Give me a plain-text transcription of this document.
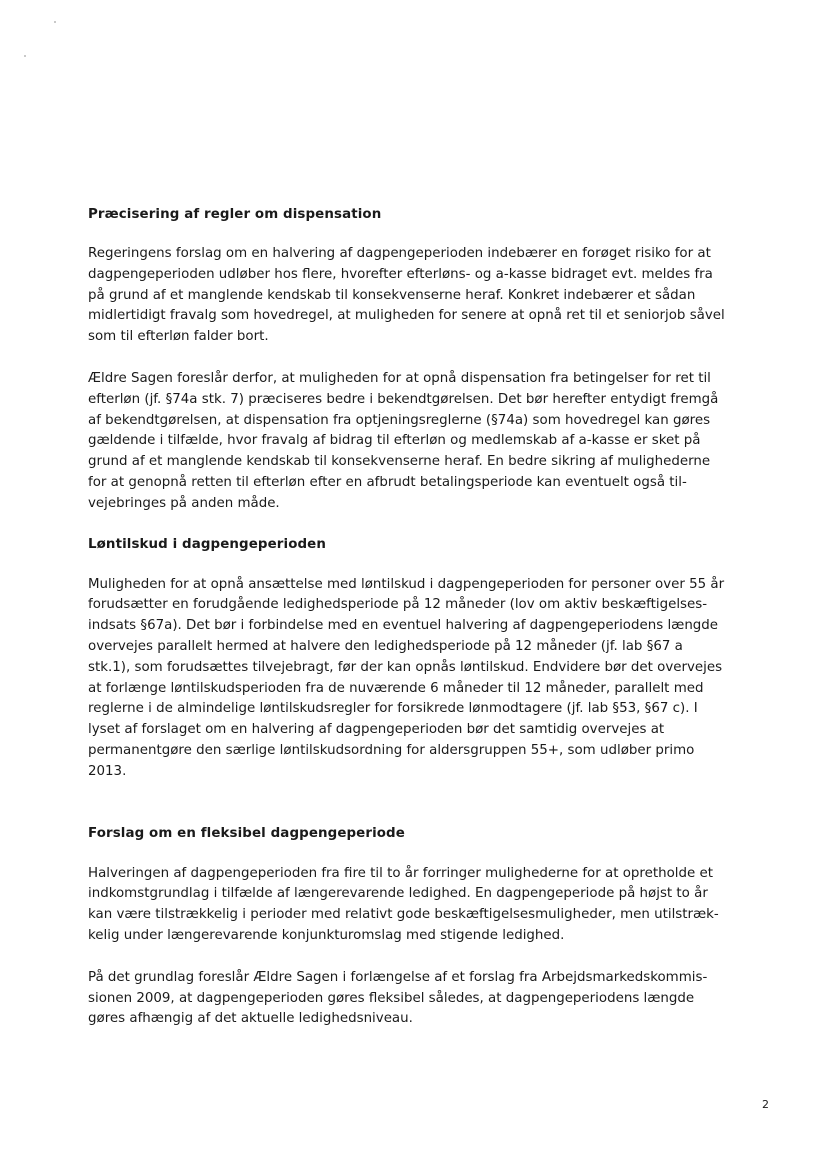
Præcisering af regler om dispensation

Regeringens forslag om en halvering af dagpengeperioden indebærer en forøget risiko for at
dagpengeperioden udløber hos flere, hvorefter efterløns- og a-kasse bidraget evt. meldes fra
på grund af et manglende kendskab til konsekvenserne heraf. Konkret indebærer et sådan
midlertidigt fravalg som hovedregel, at muligheden for senere at opnå ret til et seniorjob såvel
som til efterløn falder bort.

Ældre Sagen foreslår derfor, at muligheden for at opnå dispensation fra betingelser for ret til
efterløn (jf. §74a stk. 7) præciseres bedre i bekendtgørelsen. Det bør herefter entydigt fremgå
af bekendtgørelsen, at dispensation fra optjeningsreglerne (§74a) som hovedregel kan gøres
gældende i tilfælde, hvor fravalg af bidrag til efterløn og medlemskab af a-kasse er sket på
grund af et manglende kendskab til konsekvenserne heraf. En bedre sikring af mulighederne
for at genopnå retten til efterløn efter en afbrudt betalingsperiode kan eventuelt også til-
vejebringes på anden måde.

Løntilskud i dagpengeperioden

Muligheden for at opnå ansættelse med løntilskud i dagpengeperioden for personer over 55 år
forudsætter en forudgående ledighedsperiode på 12 måneder (lov om aktiv beskæftigelses-
indsats §67a). Det bør i forbindelse med en eventuel halvering af dagpengeperiodens længde
overvejes parallelt hermed at halvere den ledighedsperiode på 12 måneder (jf. lab §67 a
stk.1), som forudsættes tilvejebragt, før der kan opnås løntilskud. Endvidere bør det overvejes
at forlænge løntilskudsperioden fra de nuværende 6 måneder til 12 måneder, parallelt med
reglerne i de almindelige løntilskudsregler for forsikrede lønmodtagere (jf. lab §53, §67 c). I
lyset af forslaget om en halvering af dagpengeperioden bør det samtidig overvejes at
permanentgøre den særlige løntilskudsordning for aldersgruppen 55+, som udløber primo
2013.

Forslag om en fleksibel dagpengeperiode

Halveringen af dagpengeperioden fra fire til to år forringer mulighederne for at opretholde et
indkomstgrundlag i tilfælde af længerevarende ledighed. En dagpengeperiode på højst to år
kan være tilstrækkelig i perioder med relativt gode beskæftigelsesmuligheder, men utilstræk-
kelig under længerevarende konjunkturomslag med stigende ledighed.

På det grundlag foreslår Ældre Sagen i forlængelse af et forslag fra Arbejdsmarkedskommis-
sionen 2009, at dagpengeperioden gøres fleksibel således, at dagpengeperiodens længde
gøres afhængig af det aktuelle ledighedsniveau.

2
